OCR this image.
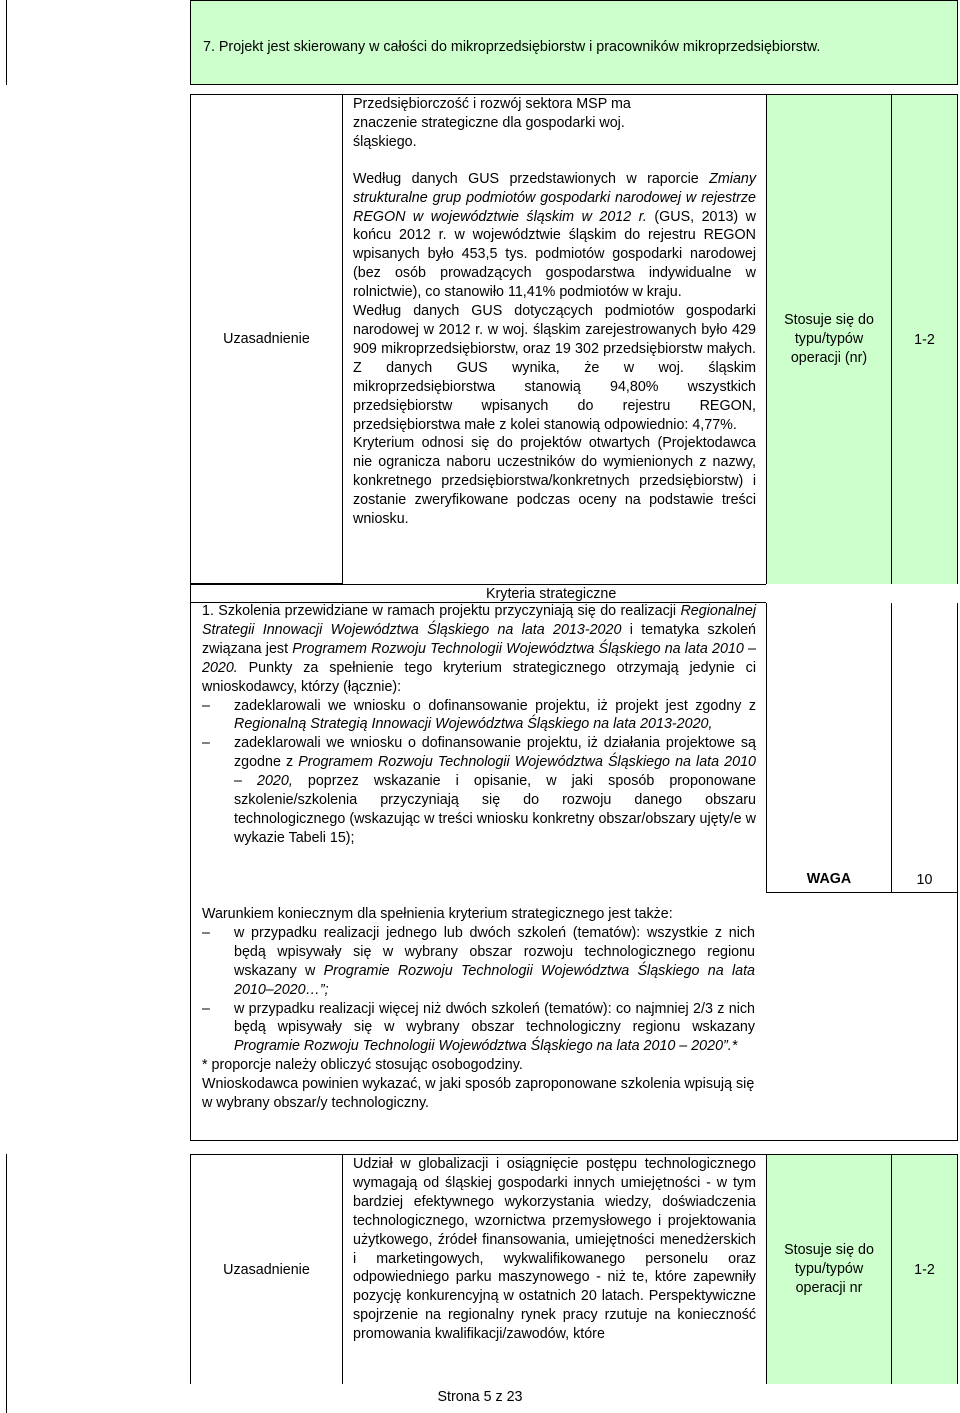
7. Projekt jest skierowany w całości do mikroprzedsiębiorstw i pracowników mikroprzedsiębiorstw.
Uzasadnienie

Przedsiębiorczość i rozwój sektora MSP ma znaczenie strategiczne dla gospodarki woj. śląskiego.

Według danych GUS przedstawionych w raporcie Zmiany strukturalne grup podmiotów gospodarki narodowej w rejestrze REGON w województwie śląskim w 2012 r. (GUS, 2013) w końcu 2012 r. w województwie śląskim do rejestru REGON wpisanych było 453,5 tys. podmiotów gospodarki narodowej (bez osób prowadzących gospodarstwa indywidualne w rolnictwie), co stanowiło 11,41% podmiotów w kraju.

Według danych GUS dotyczących podmiotów gospodarki narodowej w 2012 r. w woj. śląskim zarejestrowanych było 429 909 mikroprzedsiębiorstw, oraz 19 302 przedsiębiorstw małych. Z danych GUS wynika, że w woj. śląskim mikroprzedsiębiorstwa stanowią 94,80% wszystkich przedsiębiorstw wpisanych do rejestru REGON, przedsiębiorstwa małe z kolei stanowią odpowiednio: 4,77%.

Kryterium odnosi się do projektów otwartych (Projektodawca nie ogranicza naboru uczestników do wymienionych z nazwy, konkretnego przedsiębiorstwa/konkretnych przedsiębiorstw) i zostanie zweryfikowane podczas oceny na podstawie treści wniosku.

Stosuje się do typu/typów operacji (nr)
1-2
Kryteria strategiczne

1. Szkolenia przewidziane w ramach projektu przyczyniają się do realizacji Regionalnej Strategii Innowacji Województwa Śląskiego na lata 2013-2020 i tematyka szkoleń związana jest Programem Rozwoju Technologii Województwa Śląskiego na lata 2010 – 2020. Punkty za spełnienie tego kryterium strategicznego otrzymają jedynie ci wnioskodawcy, którzy (łącznie):

– zadeklarowali we wniosku o dofinansowanie projektu, iż projekt jest zgodny z Regionalną Strategią Innowacji Województwa Śląskiego na lata 2013-2020,
– zadeklarowali we wniosku o dofinansowanie projektu, iż działania projektowe są zgodne z Programem Rozwoju Technologii Województwa Śląskiego na lata 2010 – 2020, poprzez wskazanie i opisanie, w jaki sposób proponowane szkolenie/szkolenia przyczyniają się do rozwoju danego obszaru technologicznego (wskazując w treści wniosku konkretny obszar/obszary ujęty/e w wykazie Tabeli 15);
WAGA	10

Warunkiem koniecznym dla spełnienia kryterium strategicznego jest także:

– w przypadku realizacji jednego lub dwóch szkoleń (tematów): wszystkie z nich będą wpisywały się w wybrany obszar rozwoju technologicznego regionu wskazany w Programie Rozwoju Technologii Województwa Śląskiego na lata 2010–2020…”;
– w przypadku realizacji więcej niż dwóch szkoleń (tematów): co najmniej 2/3 z nich będą wpisywały się w wybrany obszar technologiczny regionu wskazany Programie Rozwoju Technologii Województwa Śląskiego na lata 2010 – 2020”.*

* proporcje należy obliczyć stosując osobogodziny.

Wnioskodawca powinien wykazać, w jaki sposób zaproponowane szkolenia wpisują się w wybrany obszar/y technologiczny.

Uzasadnienie

Udział w globalizacji i osiągnięcie postępu technologicznego wymagają od śląskiej gospodarki innych umiejętności - w tym bardziej efektywnego wykorzystania wiedzy, doświadczenia technologicznego, wzornictwa przemysłowego i projektowania użytkowego, źródeł finansowania, umiejętności menedżerskich i marketingowych, wykwalifikowanego personelu oraz odpowiedniego parku maszynowego - niż te, które zapewniły pozycję konkurencyjną w ostatnich 20 latach. Perspektywiczne spojrzenie na regionalny rynek pracy rzutuje na konieczność promowania kwalifikacji/zawodów, które

Stosuje się do typu/typów operacji nr
1-2
Strona 5 z 23
